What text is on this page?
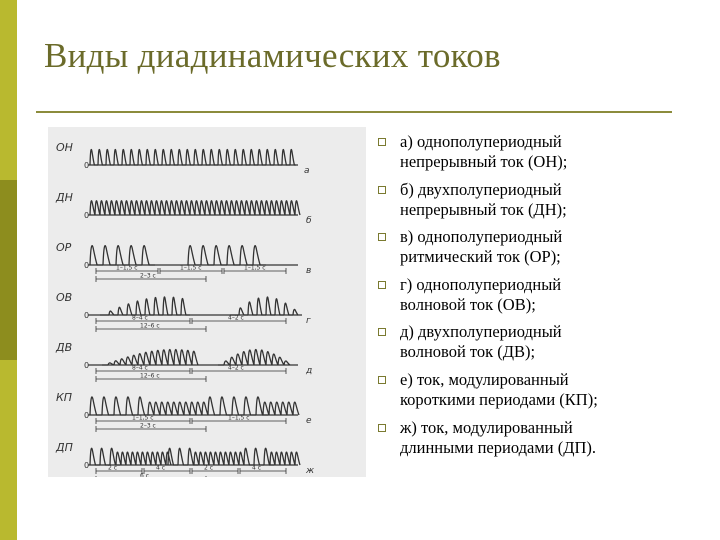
Виды диадинамических токов
ОН
0
а
ДН
0
б
ОР
0
в
1–1,5 с	1–1,5 с	1–1,5 с
2–3 с
ОВ
0
г
8–4 с	4–2 с
12–6 с
ДВ
0
д
8–4 с	4–2 с
12–6 с
КП
0
е
1–1,5 с	1–1,5 с
2–3 с
ДП
0
ж
2 с	4 с	2 с	4 с
6 с
а) однополупериодный
непрерывный ток (ОН);
б) двухполупериодный
непрерывный ток (ДН);
в) однополупериодный
ритмический ток (ОР);
г) однополупериодный
волновой ток (ОВ);
д) двухполупериодный
волновой ток (ДВ);
е) ток, модулированный
короткими периодами (КП);
ж) ток, модулированный
длинными периодами (ДП).
